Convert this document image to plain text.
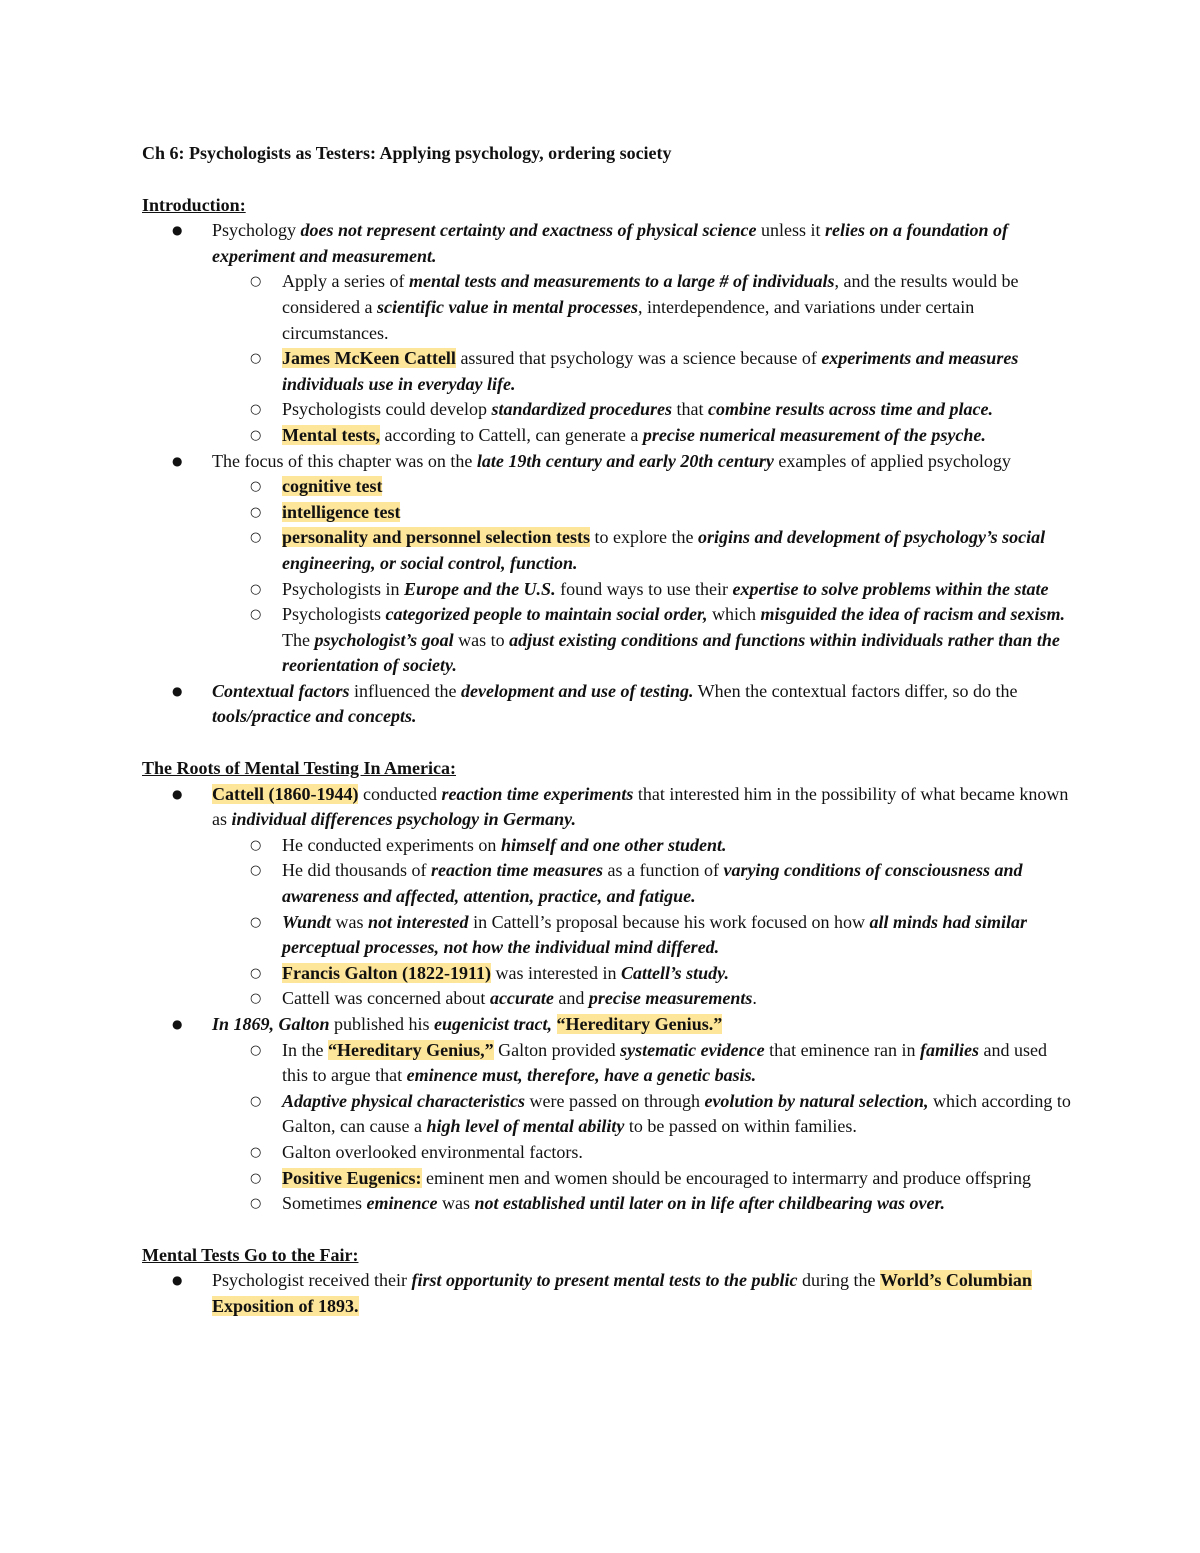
Ch 6: Psychologists as Testers: Applying psychology, ordering society

Introduction:

● Psychology does not represent certainty and exactness of physical science unless it relies on a foundation of experiment and measurement.
○ Apply a series of mental tests and measurements to a large # of individuals, and the results would be considered a scientific value in mental processes, interdependence, and variations under certain circumstances.
○ James McKeen Cattell assured that psychology was a science because of experiments and measures individuals use in everyday life.
○ Psychologists could develop standardized procedures that combine results across time and place.
○ Mental tests, according to Cattell, can generate a precise numerical measurement of the psyche.
● The focus of this chapter was on the late 19th century and early 20th century examples of applied psychology
○ cognitive test
○ intelligence test
○ personality and personnel selection tests to explore the origins and development of psychology’s social engineering, or social control, function.
○ Psychologists in Europe and the U.S. found ways to use their expertise to solve problems within the state
○ Psychologists categorized people to maintain social order, which misguided the idea of racism and sexism. The psychologist’s goal was to adjust existing conditions and functions within individuals rather than the reorientation of society.
● Contextual factors influenced the development and use of testing. When the contextual factors differ, so do the tools/practice and concepts.

The Roots of Mental Testing In America:

● Cattell (1860-1944) conducted reaction time experiments that interested him in the possibility of what became known as individual differences psychology in Germany.
○ He conducted experiments on himself and one other student.
○ He did thousands of reaction time measures as a function of varying conditions of consciousness and awareness and affected, attention, practice, and fatigue.
○ Wundt was not interested in Cattell’s proposal because his work focused on how all minds had similar perceptual processes, not how the individual mind differed.
○ Francis Galton (1822-1911) was interested in Cattell’s study.
○ Cattell was concerned about accurate and precise measurements.
● In 1869, Galton published his eugenicist tract, “Hereditary Genius.”
○ In the “Hereditary Genius,” Galton provided systematic evidence that eminence ran in families and used this to argue that eminence must, therefore, have a genetic basis.
○ Adaptive physical characteristics were passed on through evolution by natural selection, which according to Galton, can cause a high level of mental ability to be passed on within families.
○ Galton overlooked environmental factors.
○ Positive Eugenics: eminent men and women should be encouraged to intermarry and produce offspring
○ Sometimes eminence was not established until later on in life after childbearing was over.

Mental Tests Go to the Fair:

● Psychologist received their first opportunity to present mental tests to the public during the World’s Columbian Exposition of 1893.
